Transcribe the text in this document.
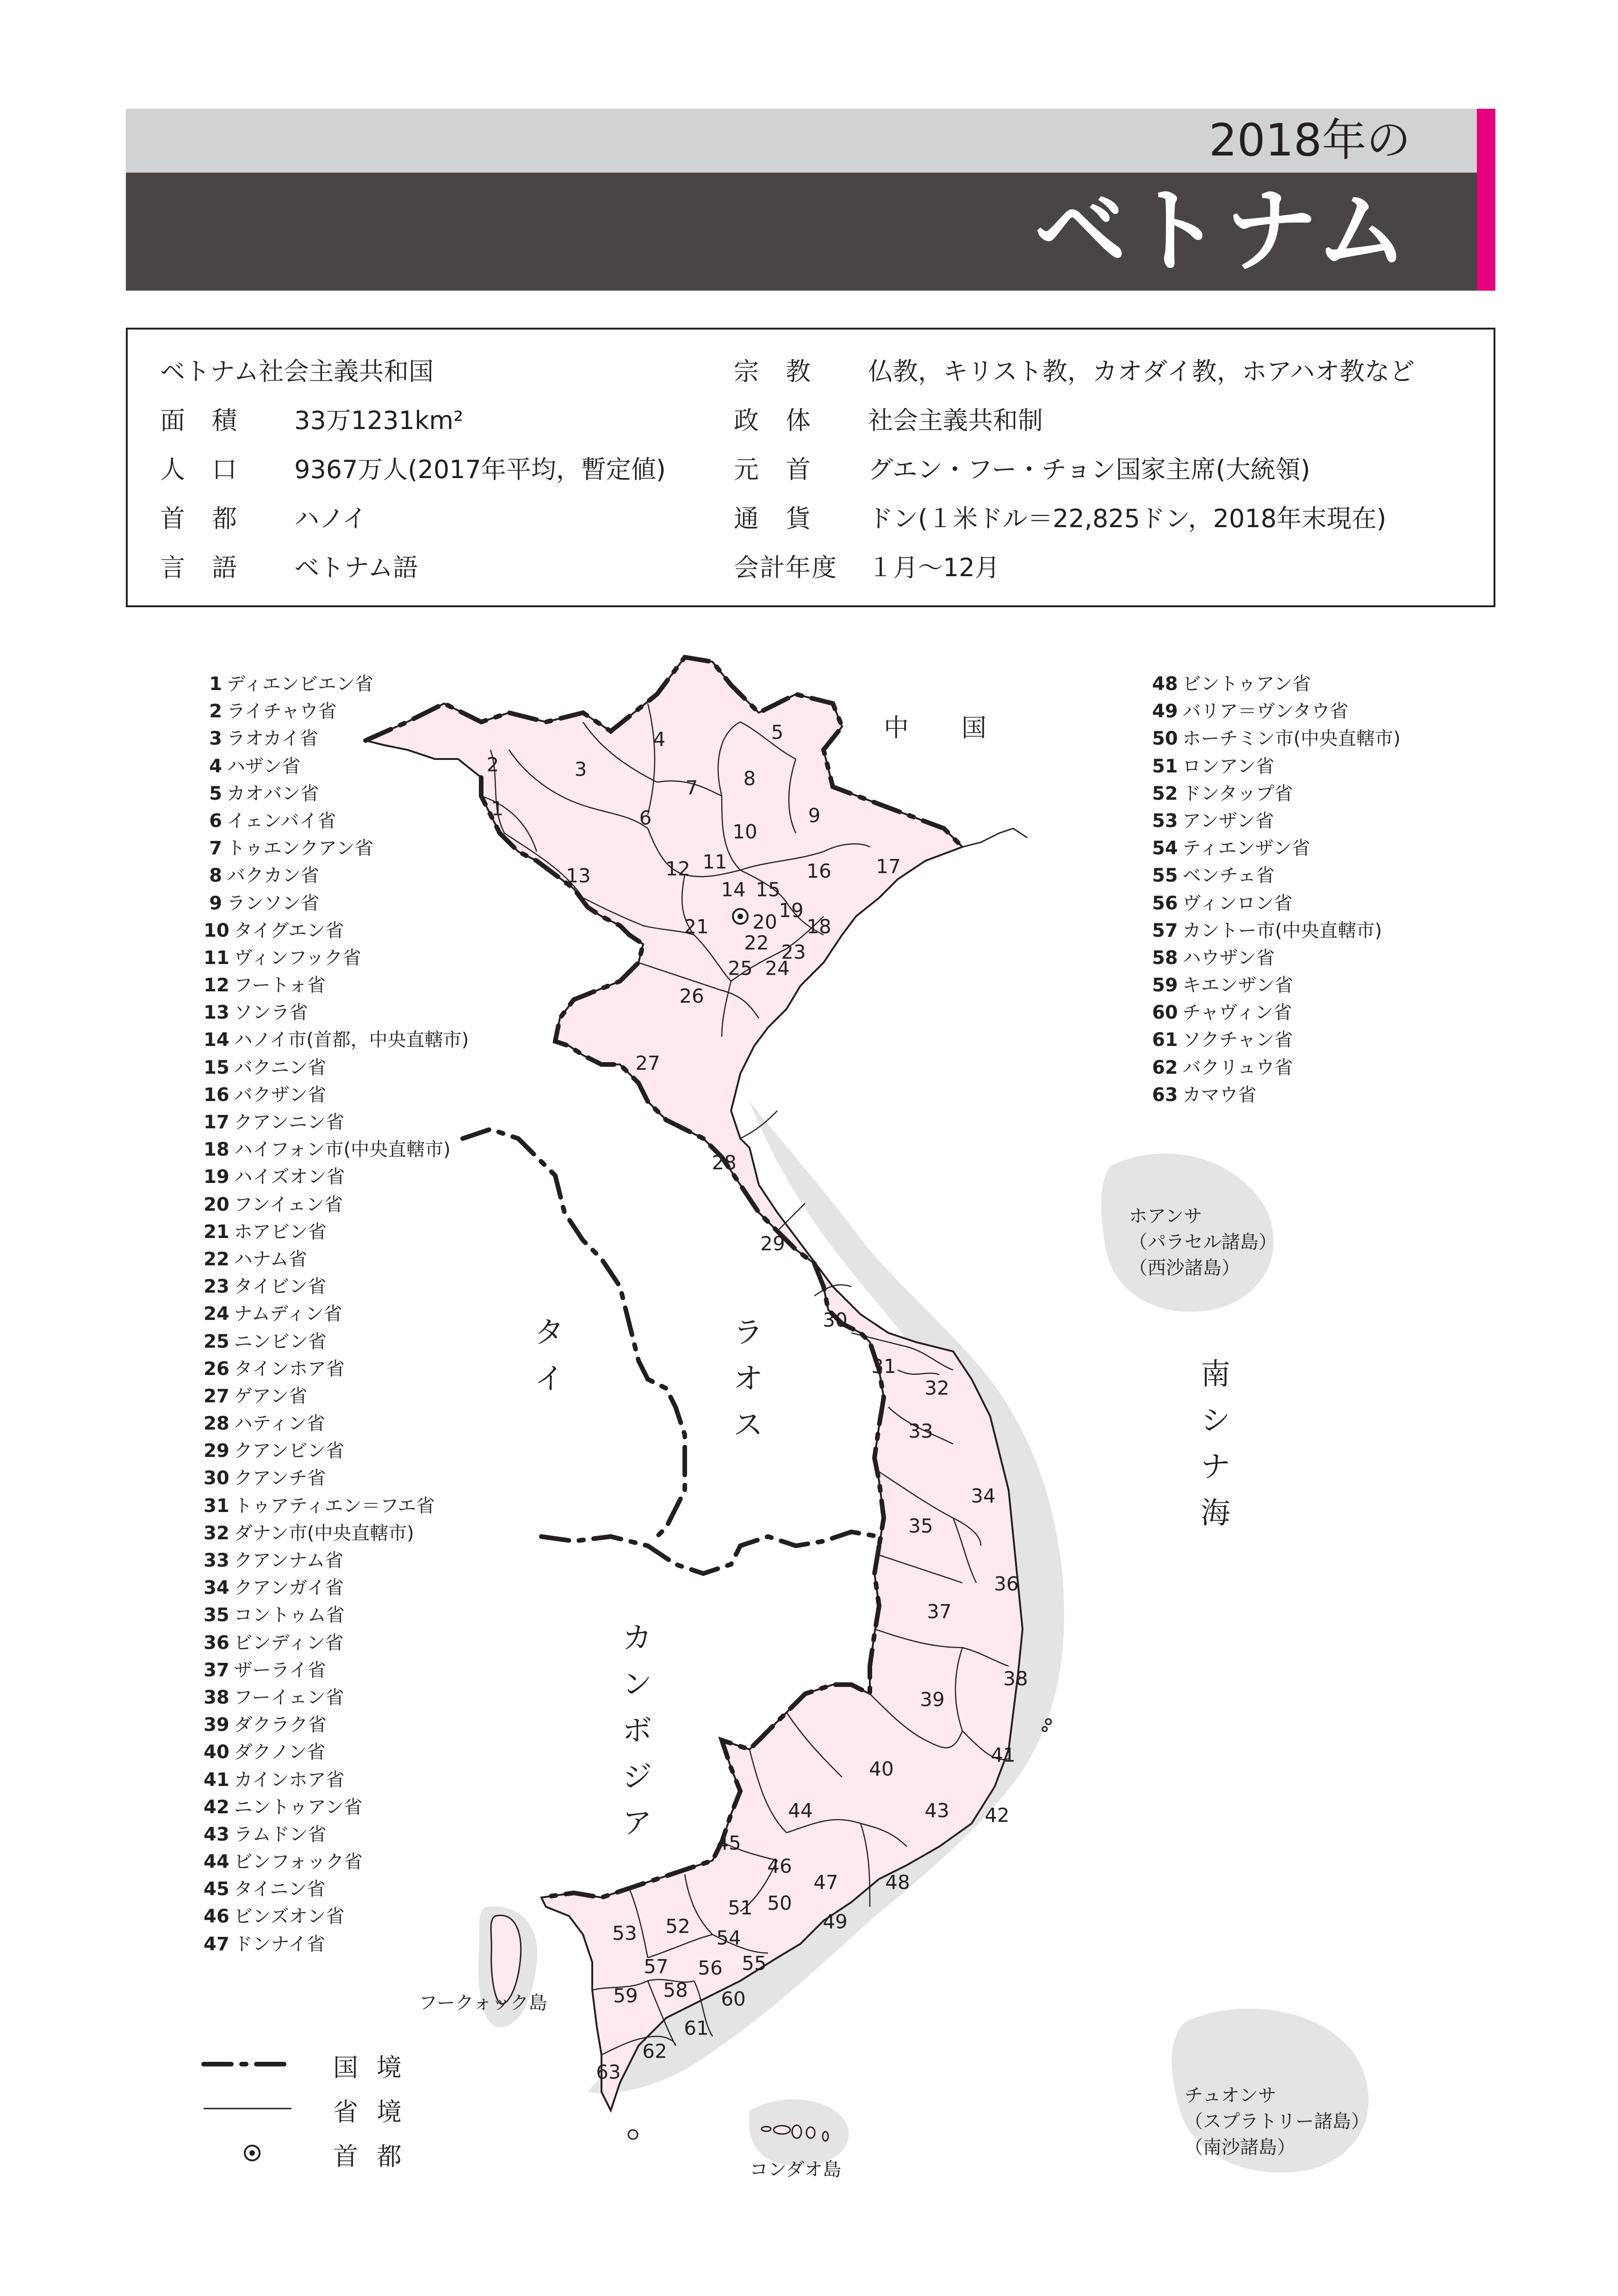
2018年の
ベトナム
ベトナム社会主義共和国
面　積 33万1231km²
人　口 9367万人(2017年平均，暫定値)
首　都 ハノイ
言　語 ベトナム語
宗　教 仏教，キリスト教，カオダイ教，ホアハオ教など
政　体 社会主義共和制
元　首 グエン・フー・チョン国家主席(大統領)
通　貨 ドン(１米ドル＝22,825ドン，2018年末現在)
会計年度 １月～12月
1
2	3
4	5
6
7 8
9
10
11
12
13
14 15
16 17
18
19
20
21
22 23
24
25
26
27
28
29
30
31
32
33
34
35
36
37
38
39
40
41
42
43
44
45
46
47 48
49
50
51
52
53	54
55
56
57
58
59	60
61
62
63
1 ディエンビエン省
2 ライチャウ省
3 ラオカイ省
4 ハザン省
5 カオバン省
6 イェンバイ省
7 トゥエンクアン省
8 バクカン省
9 ランソン省
10 タイグエン省
11 ヴィンフック省
12 フートォ省
13 ソンラ省
14 ハノイ市(首都，中央直轄市)
15 バクニン省
16 バクザン省
17 クアンニン省
18 ハイフォン市(中央直轄市)
19 ハイズオン省
20 フンイェン省
21 ホアビン省
22 ハナム省
23 タイビン省
24 ナムディン省
25 ニンビン省
26 タインホア省
27 ゲアン省
28 ハティン省
29 クアンビン省
30 クアンチ省
31 トゥアティエン＝フエ省
32 ダナン市(中央直轄市)
33 クアンナム省
34 クアンガイ省
35 コントゥム省
36 ビンディン省
37 ザーライ省
38 フーイェン省
39 ダクラク省
40 ダクノン省
41 カインホア省
42 ニントゥアン省
43 ラムドン省
44 ビンフォック省
45 タイニン省
46 ビンズオン省
47 ドンナイ省
48 ビントゥアン省
49 バリア＝ヴンタウ省
50 ホーチミン市(中央直轄市)
51 ロンアン省
52 ドンタップ省
53 アンザン省
54 ティエンザン省
55 ベンチェ省
56 ヴィンロン省
57 カントー市(中央直轄市)
58 ハウザン省
59 キエンザン省
60 チャヴィン省
61 ソクチャン省
62 バクリュウ省
63 カマウ省
中　国
タ
イ
ラ
オ
ス
カ
ン
ボ
ジ
ア
南
シ
ナ
海
ホアンサ
（パラセル諸島）
（西沙諸島）
チュオンサ
（スプラトリー諸島）
（南沙諸島）
フークォック島
コンダオ島
国境
省境
首都
